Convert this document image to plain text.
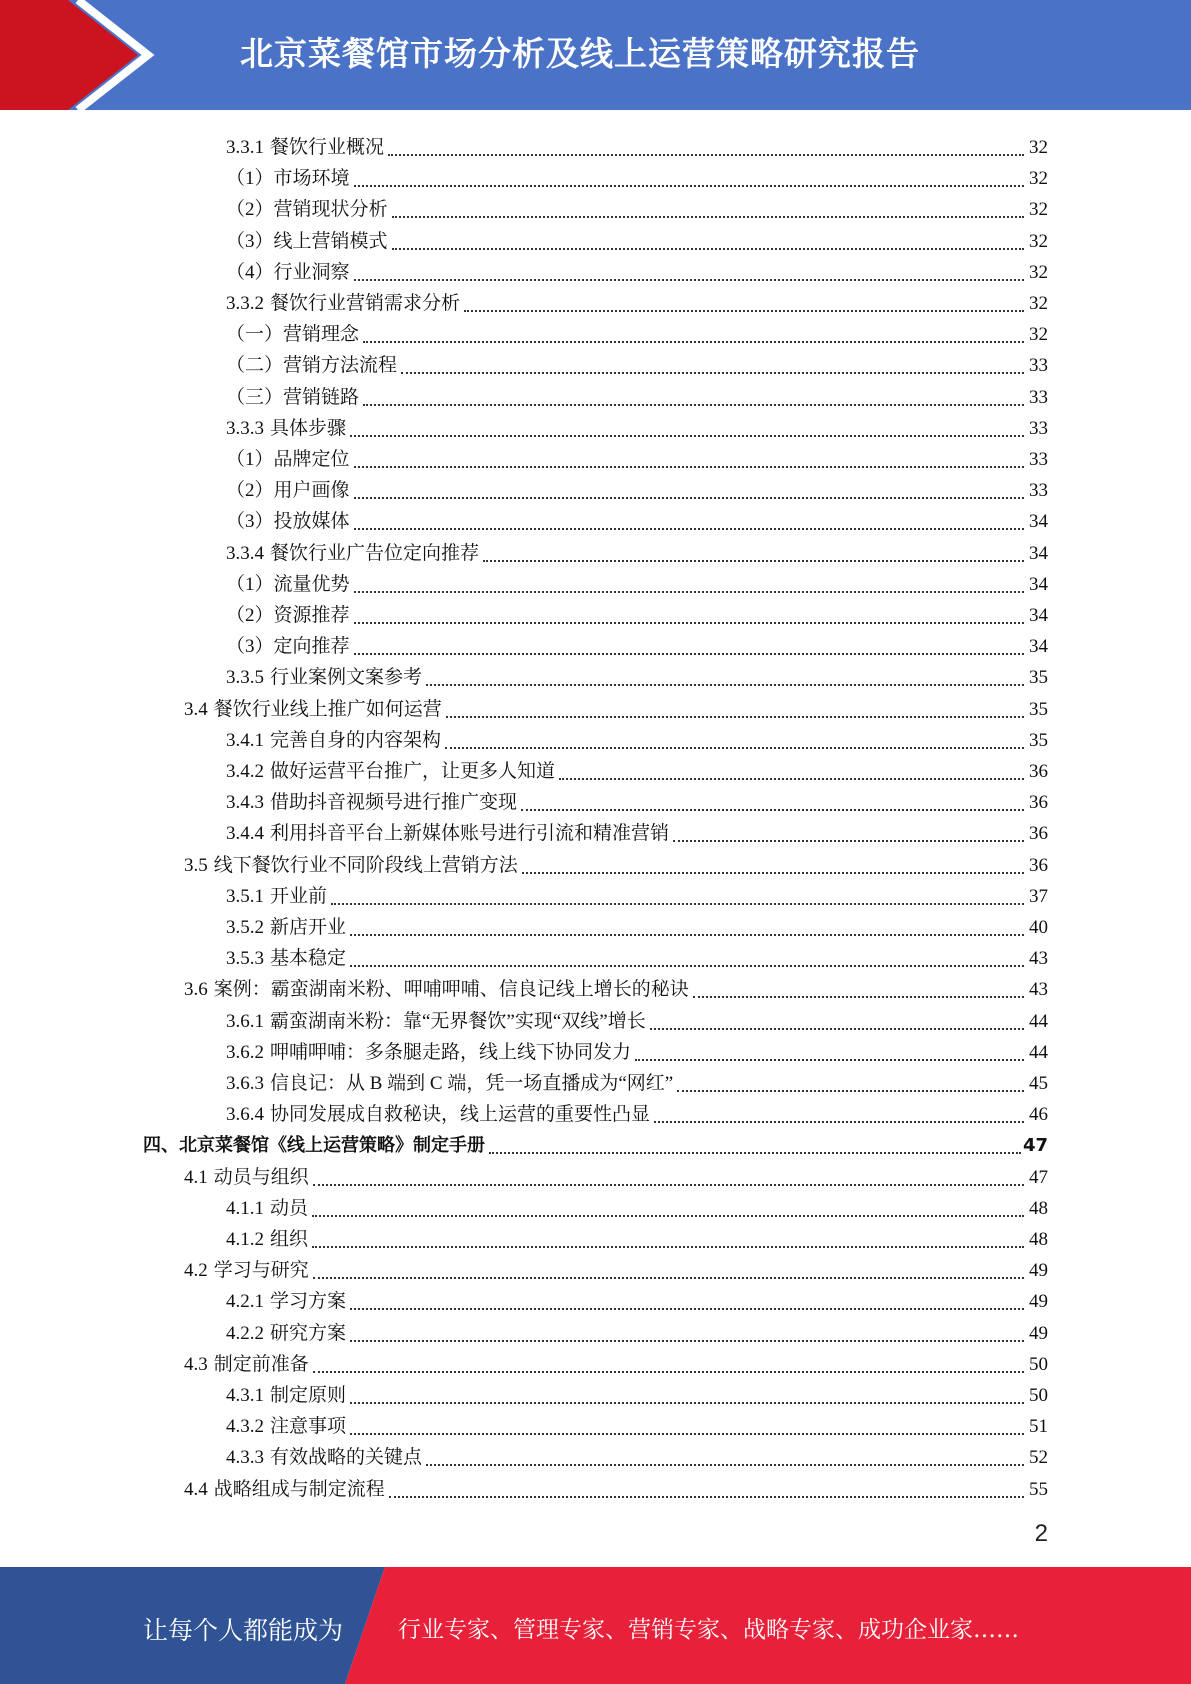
北京菜餐馆市场分析及线上运营策略研究报告
3.3.1 餐饮行业概况	32
（1）市场环境	32
（2）营销现状分析	32
（3）线上营销模式	32
（4）行业洞察	32
3.3.2 餐饮行业营销需求分析	32
（一）营销理念	32
（二）营销方法流程	33
（三）营销链路	33
3.3.3 具体步骤	33
（1）品牌定位	33
（2）用户画像	33
（3）投放媒体	34
3.3.4 餐饮行业广告位定向推荐	34
（1）流量优势	34
（2）资源推荐	34
（3）定向推荐	34
3.3.5 行业案例文案参考	35
3.4 餐饮行业线上推广如何运营	35
3.4.1 完善自身的内容架构	35
3.4.2 做好运营平台推广，让更多人知道	36
3.4.3 借助抖音视频号进行推广变现	36
3.4.4 利用抖音平台上新媒体账号进行引流和精准营销	36
3.5 线下餐饮行业不同阶段线上营销方法	36
3.5.1 开业前	37
3.5.2 新店开业	40
3.5.3 基本稳定	43
3.6 案例：霸蛮湖南米粉、呷哺呷哺、信良记线上增长的秘诀	43
3.6.1 霸蛮湖南米粉：靠“无界餐饮”实现“双线”增长	44
3.6.2 呷哺呷哺：多条腿走路，线上线下协同发力	44
3.6.3 信良记：从 B 端到 C 端，凭一场直播成为“网红”	45
3.6.4 协同发展成自救秘诀，线上运营的重要性凸显	46
四、北京菜餐馆《线上运营策略》制定手册	47
4.1 动员与组织	47
4.1.1 动员	48
4.1.2 组织	48
4.2 学习与研究	49
4.2.1 学习方案	49
4.2.2 研究方案	49
4.3 制定前准备	50
4.3.1 制定原则	50
4.3.2 注意事项	51
4.3.3 有效战略的关键点	52
4.4 战略组成与制定流程	55
2
让每个人都能成为 行业专家、管理专家、营销专家、战略专家、成功企业家……
